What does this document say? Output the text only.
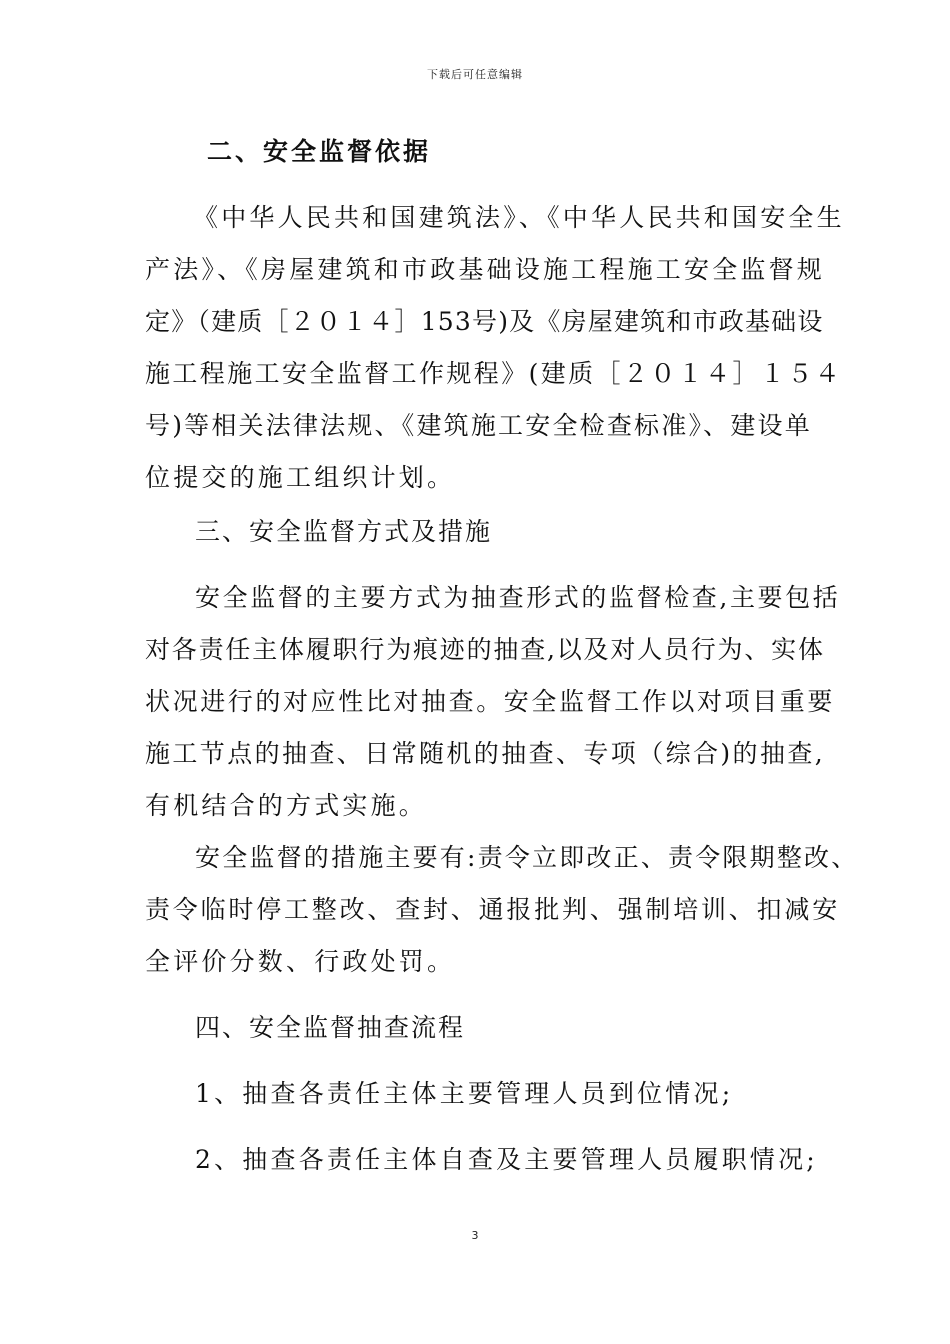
下载后可任意编辑
二、安全监督依据
《中华人民共和国建筑法》、《中华人民共和国安全生
产法》、《房屋建筑和市政基础设施工程施工安全监督规
定》（建质［２０１４］153号)及《房屋建筑和市政基础设
施工程施工安全监督工作规程》(建质［２０１４］１５４
号)等相关法律法规、《建筑施工安全检查标准》、建设单
位提交的施工组织计划。
三、安全监督方式及措施
安全监督的主要方式为抽查形式的监督检查,主要包括
对各责任主体履职行为痕迹的抽查,以及对人员行为、实体
状况进行的对应性比对抽查。安全监督工作以对项目重要
施工节点的抽查、日常随机的抽查、专项（综合)的抽查,
有机结合的方式实施。
安全监督的措施主要有:责令立即改正、责令限期整改、
责令临时停工整改、查封、通报批判、强制培训、扣减安
全评价分数、行政处罚。
四、安全监督抽查流程
1、抽查各责任主体主要管理人员到位情况;
2、抽查各责任主体自查及主要管理人员履职情况;
3
